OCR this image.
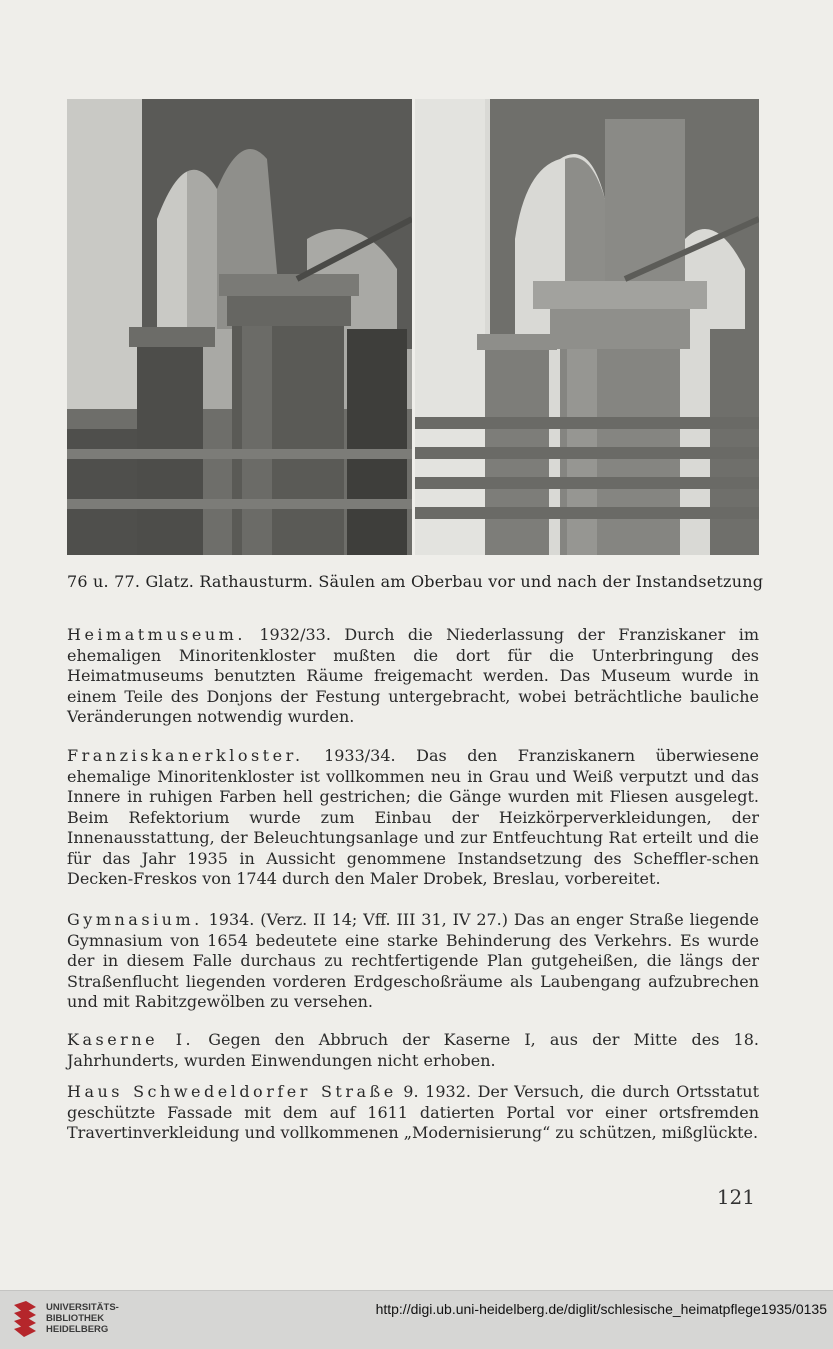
76 u. 77. Glatz. Rathausturm. Säulen am Oberbau vor und nach der Instandsetzung

Heimatmuseum. 1932/33. Durch die Niederlassung der Franziskaner im ehemaligen Minoritenkloster mußten die dort für die Unterbringung des Heimatmuseums benutzten Räume freigemacht werden. Das Museum wurde in einem Teile des Donjons der Festung untergebracht, wobei beträchtliche bauliche Veränderungen notwendig wurden.

Franziskanerkloster. 1933/34. Das den Franziskanern überwiesene ehemalige Minoritenkloster ist vollkommen neu in Grau und Weiß verputzt und das Innere in ruhigen Farben hell gestrichen; die Gänge wurden mit Fliesen ausgelegt. Beim Refektorium wurde zum Einbau der Heizkörperverkleidungen, der Innenausstattung, der Beleuchtungsanlage und zur Entfeuchtung Rat erteilt und die für das Jahr 1935 in Aussicht genommene Instandsetzung des Scheffler-schen Decken-Freskos von 1744 durch den Maler Drobek, Breslau, vorbereitet.

Gymnasium. 1934. (Verz. II 14; Vff. III 31, IV 27.) Das an enger Straße liegende Gymnasium von 1654 bedeutete eine starke Behinderung des Verkehrs. Es wurde der in diesem Falle durchaus zu rechtfertigende Plan gutgeheißen, die längs der Straßenflucht liegenden vorderen Erdgeschoßräume als Laubengang aufzubrechen und mit Rabitzgewölben zu versehen.

Kaserne I. Gegen den Abbruch der Kaserne I, aus der Mitte des 18. Jahrhunderts, wurden Einwendungen nicht erhoben.

Haus Schwedeldorfer Straße 9. 1932. Der Versuch, die durch Ortsstatut geschützte Fassade mit dem auf 1611 datierten Portal vor einer ortsfremden Travertinverkleidung und vollkommenen „Modernisierung“ zu schützen, mißglückte.

121
UNIVERSITÄTS-
BIBLIOTHEK
HEIDELBERG
http://digi.ub.uni-heidelberg.de/diglit/schlesische_heimatpflege1935/0135
